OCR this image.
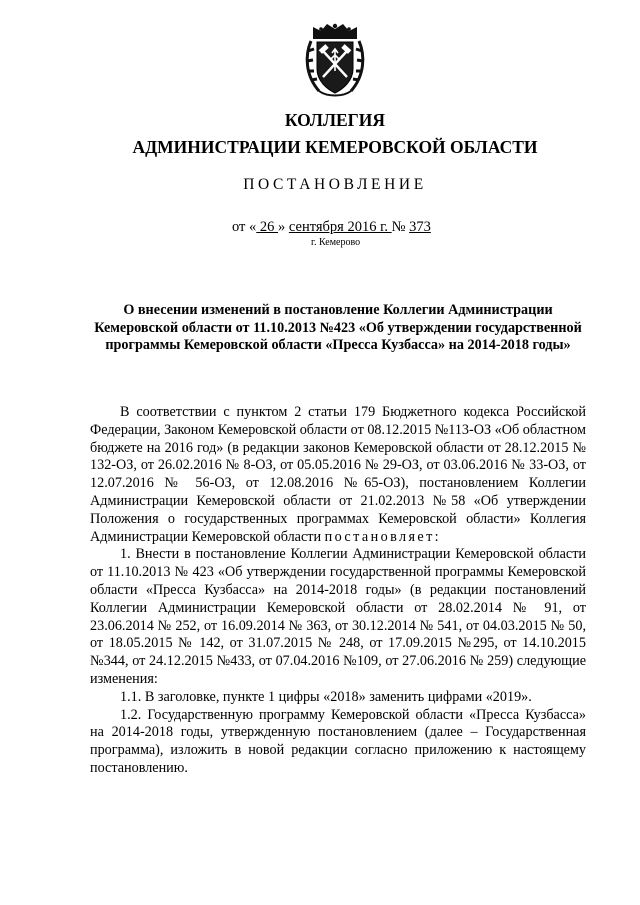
КОЛЛЕГИЯ
АДМИНИСТРАЦИИ КЕМЕРОВСКОЙ ОБЛАСТИ
ПОСТАНОВЛЕНИЕ
от « 26 » сентября 2016 г. № 373
г. Кемерово
О внесении изменений в постановление Коллегии Администрации Кемеровской области от 11.10.2013 №423 «Об утверждении государственной программы Кемеровской области «Пресса Кузбасса» на 2014-2018 годы»

В соответствии с пунктом 2 статьи 179 Бюджетного кодекса Российской Федерации, Законом Кемеровской области от 08.12.2015 №113-ОЗ «Об областном бюджете на 2016 год» (в редакции законов Кемеровской области от 28.12.2015 № 132-ОЗ, от 26.02.2016 № 8-ОЗ, от 05.05.2016 № 29-ОЗ, от 03.06.2016 № 33-ОЗ, от 12.07.2016 № 56-ОЗ, от 12.08.2016 №65-ОЗ), постановлением Коллегии Администрации Кемеровской области от 21.02.2013 №58 «Об утверждении Положения о государственных программах Кемеровской области» Коллегия Администрации Кемеровской области постановляет:

1. Внести в постановление Коллегии Администрации Кемеровской области от 11.10.2013 № 423 «Об утверждении государственной программы Кемеровской области «Пресса Кузбасса» на 2014-2018 годы» (в редакции постановлений Коллегии Администрации Кемеровской области от 28.02.2014 № 91, от 23.06.2014 № 252, от 16.09.2014 № 363, от 30.12.2014 № 541, от 04.03.2015 № 50, от 18.05.2015 № 142, от 31.07.2015 № 248, от 17.09.2015 №295, от 14.10.2015 №344, от 24.12.2015 №433, от 07.04.2016 №109, от 27.06.2016 № 259) следующие изменения:

1.1. В заголовке, пункте 1 цифры «2018» заменить цифрами «2019».

1.2. Государственную программу Кемеровской области «Пресса Кузбасса» на 2014-2018 годы, утвержденную постановлением (далее – Государственная программа), изложить в новой редакции согласно приложению к настоящему постановлению.
